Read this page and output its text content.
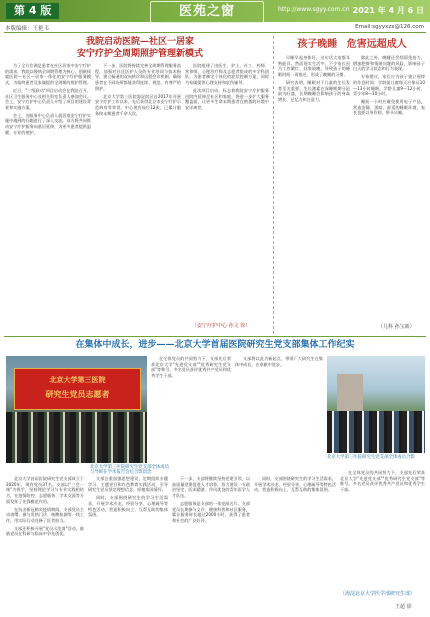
第 4 版	医苑之窗	http://www.sgyy.com.cn 2021 年 4 月 6 日
本版编辑：王艳韦	Email:sgyyxzx@126.com
我院启动医院—社区一居家
安宁疗护全周期照护管理新模式

为了全方位满足患者在社区居家中安宁疗护的需求，我院以慢病全周期管理为核心，创新探索医院—社区—居家一体化的安宁疗护服务模式，为临终患者及家属提供全周期的照护管理。

近日，"三级联动"项目启动会在我院召开。社区卫生服务中心及相关科室负责人参加会议。会上，安宁疗护中心负责人介绍了项目的建设背景和实施方案。

会上，各服务中心负责人就居家安宁疗护实施中遇到的问题进行了深入交流。双方将共同推动安宁疗护服务向基层延伸，为更多患者提供温暖、专业的照护。

下一步，医院将持续完善全周期管理服务流程，加强对社区医护人员的专业培训与技术指导，建立畅通的双向转诊和远程会诊机制，确保患者在不同场所都能获得连续、规范、有尊严的照护。

北京大学第三医院海淀院区自2017年开展安宁疗护工作以来，先后获得北京市安宁疗护示范病房等荣誉。中心现有床位12张，已累计服务终末期患者千余人次。

医院组建了由医生、护士、社工、药师、营养师、心理治疗师及志愿者组成的多学科团队，为患者制定个体化的症状控制方案，同时为家属提供心理支持和哀伤辅导。

此次项目启动，标志着我院安宁疗护服务由院内延伸至社区和家庭，将进一步扩大服务覆盖面，让更多生命末期患者在熟悉的环境中安详离世。

（安宁疗护中心 孙文 徐）
孩子晚睡 危害远超成人

早睡早起身体好，这句话大家都耳熟能详。然而现实生活中，不少家长因为工作繁忙、回家较晚，导致孩子的睡眠时间一再推迟，形成了晚睡的习惯。

研究表明，睡眠对于儿童的生长发育至关重要。生长激素在深睡眠期分泌最为旺盛，长期晚睡会影响孩子的身高增长、记忆力和注意力。

除此之外，晚睡还会削弱免疫力，增加肥胖和情绪问题的风险，影响孩子白天的学习状态和行为表现。

专家建议，家长应为孩子建立规律的作息时间：学龄前儿童每天应保证10—13小时睡眠，学龄儿童9—12小时，青少年8—10小时。

睡前一小时应避免使用电子产品，营造安静、黑暗、舒适的睡眠环境，家长也要以身作则，带头早睡。

（儿科 孙宝新）
在集体中成长，进步——北京大学首届医院研究生党支部集体工作纪实
北京大学第三医院
研究生党员志愿者
北京大学第三医院研究生党支部全体成员
与导师在学术报告会后合影留念

北京大学首届医院研究生党支部成立于2020年，现有党员37名。支部以"三会一课"为抓手，坚持理论学习与专业实践相结合，在疫情防控、志愿服务、学术交流等方面发挥了先锋模范作用。

在抗击新冠肺炎疫情期间，支部党员主动请缨，参与发热门诊、核酸检测等一线工作，用实际行动诠释了医者担当。

支部还积极开展"党员示范岗"活动，鼓励党员在科研与临床中争先创优。

支部注重加强思想建设，定期组织专题学习、主题党日和红色教育实践活动，引导研究生党员坚定理想信念，厚植家国情怀。

同时，支部围绕研究生的学习生活需求，开展学术沙龙、经验分享、心理疏导等特色活动，营造积极向上、互帮互助的集体氛围。

在全体党员的共同努力下，支部先后荣获北京大学"先进党支部""优秀研究生党支部"等称号，多名党员获评优秀共产党员和优秀学生干部。

下一步，支部将继续坚持党建引领，以高质量党建促进人才培养，努力建设一支政治坚定、医术精湛、作风优良的青年医学人才队伍。

志愿服务是支部的一张亮丽名片。支部党员长期参与义诊、健康科普和社区服务，累计服务时长超过2000小时，获得了患者和社会的广泛好评。

支部将以此为新起点，带领广大研究生在集体中成长，在奉献中进步。

北京大学第三医院研究生党支部全体成员合影

同时，支部围绕研究生的学习生活需求，开展学术沙龙、经验分享、心理疏导等特色活动，营造积极向上、互帮互助的集体氛围。

在全体党员的共同努力下，支部先后荣获北京大学"先进党支部""优秀研究生党支部"等称号，多名党员获评优秀共产党员和优秀学生干部。

（海淀北京大学医学部研究生部）
王超 徐
